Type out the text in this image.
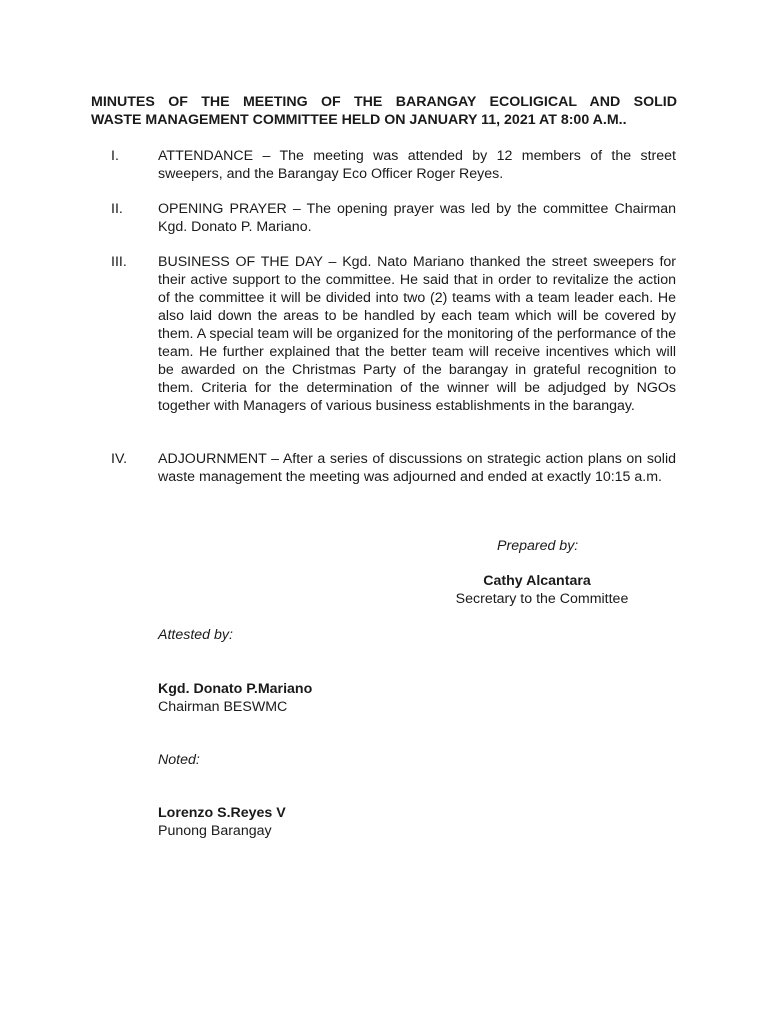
MINUTES OF THE MEETING OF THE BARANGAY ECOLIGICAL AND SOLID
WASTE MANAGEMENT COMMITTEE HELD ON JANUARY 11, 2021 AT 8:00 A.M..
I.	ATTENDANCE – The meeting was attended by 12 members of the street sweepers, and the Barangay Eco Officer Roger Reyes.
II. OPENING PRAYER – The opening prayer was led by the committee Chairman Kgd. Donato P. Mariano.
III. BUSINESS OF THE DAY – Kgd. Nato Mariano thanked the street sweepers for their active support to the committee. He said that in order to revitalize the action of the committee it will be divided into two (2) teams with a team leader each. He also laid down the areas to be handled by each team which will be covered by them. A special team will be organized for the monitoring of the performance of the team. He further explained that the better team will receive incentives which will be awarded on the Christmas Party of the barangay in grateful recognition to them. Criteria for the determination of the winner will be adjudged by NGOs together with Managers of various business establishments in the barangay.
IV. ADJOURNMENT – After a series of discussions on strategic action plans on solid waste management the meeting was adjourned and ended at exactly 10:15 a.m.
Prepared by:
Cathy Alcantara
Secretary to the Committee
Attested by:
Kgd. Donato P.Mariano
Chairman BESWMC
Noted:
Lorenzo S.Reyes V
Punong Barangay
